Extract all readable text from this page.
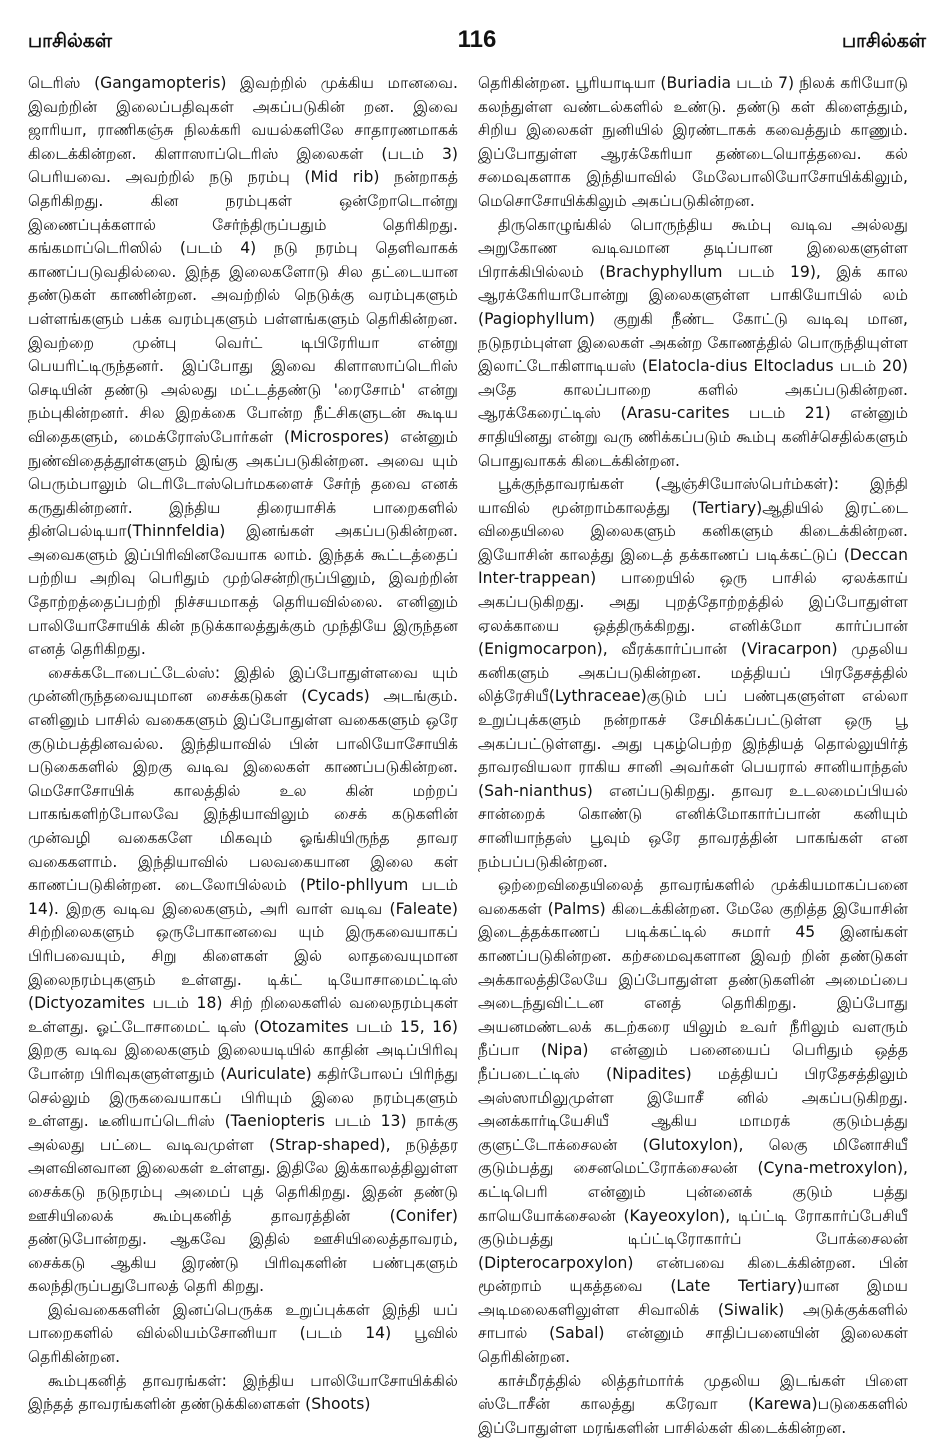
பாசில்கள்	116	பாசில்கள்

டெரிஸ் (Gangamopteris) இவற்றில் முக்கிய மானவை. இவற்றின் இலைப்பதிவுகள் அகப்படுகின் றன. இவை ஜாரியா, ராணிகஞ்சு நிலக்கரி வயல்களிலே சாதாரணமாகக் கிடைக்கின்றன. கிளாஸாப்டெரிஸ் இலைகள் (படம் 3) பெரியவை. அவற்றில் நடு நரம்பு (Mid rib) நன்றாகத் தெரிகிறது. கின நரம்புகள் ஒன்றோடொன்று இணைப்புக்களால் சேர்ந்திருப்பதும் தெரிகிறது. கங்கமாப்டெரிஸில் (படம் 4) நடு நரம்பு தெளிவாகக் காணப்படுவதில்லை. இந்த இலைகளோடு சில தட்டையான தண்டுகள் காணின்றன. அவற்றில் நெடுக்கு வரம்புகளும் பள்ளங்களும் பக்க வரம்புகளும் பள்ளங்களும் தெரிகின்றன. இவற்றை முன்பு வெர்ட் டிபிரேரியா என்று பெயரிட்டிருந்தனர். இப்போது இவை கிளாஸாப்டெரிஸ் செடியின் தண்டு அல்லது மட்டத்தண்டு 'ரைசோம்' என்று நம்புகின்றனர். சில இறக்கை போன்ற நீட்சிகளுடன் கூடிய விதைகளும், மைக்ரோஸ்போர்கள் (Microspores) என்னும் நுண்விதைத்தூள்களும் இங்கு அகப்படுகின்றன. அவை யும் பெரும்பாலும் டெரிடோஸ்பெர்மகளைச் சேர்ந் தவை எனக் கருதுகின்றனர். இந்திய திரையாசிக் பாறைகளில் தின்பெல்டியா(Thinnfeldia) இனங்கள் அகப்படுகின்றன. அவைகளும் இப்பிரிவினவேயாக லாம். இந்தக் கூட்டத்தைப் பற்றிய அறிவு பெரிதும் முற்சென்றிருப்பினும், இவற்றின் தோற்றத்தைப்பற்றி நிச்சயமாகத் தெரியவில்லை. எனினும் பாலியோசோயிக் கின் நடுக்காலத்துக்கும் முந்தியே இருந்தன எனத் தெரிகிறது.

சைக்கடோபைட்டேல்ஸ்: இதில் இப்போதுள்ளவை யும் முன்னிருந்தவையுமான சைக்கடுகள் (Cycads) அடங்கும். எனினும் பாசில் வகைகளும் இப்போதுள்ள வகைகளும் ஒரே குடும்பத்தினவல்ல. இந்தியாவில் பின் பாலியோசோயிக் படுகைகளில் இறகு வடிவ இலைகள் காணப்படுகின்றன. மெசோசோயிக் காலத்தில் உல கின் மற்றப் பாகங்களிற்போலவே இந்தியாவிலும் சைக் கடுகளின் முன்வழி வகைகளே மிகவும் ஓங்கியிருந்த தாவர வகைகளாம். இந்தியாவில் பலவகையான இலை கள் காணப்படுகின்றன. டைலோபில்லம் (Ptilo-phllyum படம் 14). இறகு வடிவ இலைகளும், அரி வாள் வடிவ (Faleate) சிற்றிலைகளும் ஒருபோகானவை யும் இருகவையாகப் பிரிபவையும், சிறு கிளைகள் இல் லாதவையுமான இலைநரம்புகளும் உள்ளது. டிக்ட் டியோசாமைட்டிஸ் (Dictyozamites படம் 18) சிற் றிலைகளில் வலைநரம்புகள் உள்ளது. ஓட்டோசாமைட் டிஸ் (Otozamites படம் 15, 16) இறகு வடிவ இலைகளும் இலையடியில் காதின் அடிப்பிரிவு போன்ற பிரிவுகளுள்ளதும் (Auriculate) கதிர்போலப் பிரிந்து செல்லும் இருகவையாகப் பிரியும் இலை நரம்புகளும் உள்ளது. டீனியாப்டெரிஸ் (Taeniopteris படம் 13) நாக்கு அல்லது பட்டை வடிவமுள்ள (Strap-shaped), நடுத்தர அளவினவான இலைகள் உள்ளது. இதிலே இக்காலத்திலுள்ள சைக்கடு நடுநரம்பு அமைப் புத் தெரிகிறது. இதன் தண்டு ஊசியிலைக் கூம்புகனித் தாவரத்தின் (Conifer) தண்டுபோன்றது. ஆகவே இதில் ஊசியிலைத்தாவரம், சைக்கடு ஆகிய இரண்டு பிரிவுகளின் பண்புகளும் கலந்திருப்பதுபோலத் தெரி கிறது.

இவ்வகைகளின் இனப்பெருக்க உறுப்புக்கள் இந்தி யப் பாறைகளில் வில்லியம்சோனியா (படம் 14) பூவில் தெரிகின்றன.

கூம்புகனித் தாவரங்கள்: இந்திய பாலியோசோயிக்கில் இந்தத் தாவரங்களின் தண்டுக்கிளைகள் (Shoots)

தெரிகின்றன. பூரியாடியா (Buriadia படம் 7) நிலக் கரியோடு கலந்துள்ள வண்டல்களில் உண்டு. தண்டு கள் கிளைத்தும், சிறிய இலைகள் நுனியில் இரண்டாகக் கவைத்தும் காணும். இப்போதுள்ள ஆரக்கேரியா தண்டையொத்தவை. கல் சமைவுகளாக இந்தியாவில் மேலேபாலியோசோயிக்கிலும், மெசொசோயிக்கிலும் அகப்படுகின்றன.

திருகொழுங்கில் பொருந்திய கூம்பு வடிவ அல்லது அறுகோண வடிவமான தடிப்பான இலைகளுள்ள பிராக்கிபில்லம் (Brachyphyllum படம் 19), இக் கால ஆரக்கேரியாபோன்று இலைகளுள்ள பாகியோபில் லம் (Pagiophyllum) குறுகி நீண்ட கோட்டு வடிவு மான, நடுநரம்புள்ள இலைகள் அகன்ற கோணத்தில் பொருந்தியுள்ள இலாட்டோகிளாடியஸ் (Elatocla-dius Eltocladus படம் 20) அதே காலப்பாறை களில் அகப்படுகின்றன. ஆரக்கேரைட்டிஸ் (Arasu-carites படம் 21) என்னும் சாதியினது என்று வரு ணிக்கப்படும் கூம்பு கனிச்செதில்களும் பொதுவாகக் கிடைக்கின்றன.

பூக்குந்தாவரங்கள் (ஆஞ்சியோஸ்பெர்ம்கள்): இந்தி யாவில் மூன்றாம்காலத்து (Tertiary)ஆதியில் இரட்டை விதையிலை இலைகளும் கனிகளும் கிடைக்கின்றன. இயோசின் காலத்து இடைத் தக்காணப் படிக்கட்டுப் (Deccan Inter-trappean) பாறையில் ஒரு பாசில் ஏலக்காய் அகப்படுகிறது. அது புறத்தோற்றத்தில் இப்போதுள்ள ஏலக்காயை ஒத்திருக்கிறது. எனிக்மோ கார்ப்பான் (Enigmocarpon), வீரக்கார்ப்பான் (Viracarpon) முதலிய கனிகளும் அகப்படுகின்றன. மத்தியப் பிரதேசத்தில் லித்ரேசியீ(Lythraceae)குடும் பப் பண்புகளுள்ள எல்லா உறுப்புக்களும் நன்றாகச் சேமிக்கப்பட்டுள்ள ஒரு பூ அகப்பட்டுள்ளது. அது புகழ்பெற்ற இந்தியத் தொல்லுயிர்த் தாவரவியலா ராகிய சானி அவர்கள் பெயரால் சானியாந்தஸ் (Sah-nianthus) எனப்படுகிறது. தாவர உடலமைப்பியல் சான்றைக் கொண்டு எனிக்மோகார்ப்பான் கனியும் சானியாந்தஸ் பூவும் ஒரே தாவரத்தின் பாகங்கள் என நம்பப்படுகின்றன.

ஒற்றைவிதையிலைத் தாவரங்களில் முக்கியமாகப்பனை வகைகள் (Palms) கிடைக்கின்றன. மேலே குறித்த இயோசின் இடைத்தக்காணப் படிக்கட்டில் சுமார் 45 இனங்கள் காணப்படுகின்றன. கற்சமைவுகளான இவற் றின் தண்டுகள் அக்காலத்திலேயே இப்போதுள்ள தண்டுகளின் அமைப்பை அடைந்துவிட்டன எனத் தெரிகிறது. இப்போது அயனமண்டலக் கடற்கரை யிலும் உவர் நீரிலும் வளரும் நீப்பா (Nipa) என்னும் பனையைப் பெரிதும் ஒத்த நீப்படைட்டிஸ் (Nipadites) மத்தியப் பிரதேசத்திலும் அஸ்ஸாமிலுமுள்ள இயோசீ னில் அகப்படுகிறது. அனக்கார்டியேசியீ ஆகிய மாமரக் குடும்பத்து குளுட்டோக்சைலன் (Glutoxylon), லெகு மினோசியீ குடும்பத்து சைனமெட்ரோக்சைலன் (Cyna-metroxylon), கட்டிபெரி என்னும் புன்னைக் குடும் பத்து காயெயோக்சைலன் (Kayeoxylon), டிப்ட்டி ரோகார்ப்பேசியீ குடும்பத்து டிப்ட்டிரோகார்ப் போக்சைலன் (Dipterocarpoxylon) என்பவை கிடைக்கின்றன. பின் மூன்றாம் யுகத்தவை (Late Tertiary)யான இமய அடிமலைகளிலுள்ள சிவாலிக் (Siwalik) அடுக்குக்களில் சாபால் (Sabal) என்னும் சாதிப்பனையின் இலைகள் தெரிகின்றன.

காச்மீரத்தில் லித்தர்மார்க் முதலிய இடங்கள் பிளை ஸ்டோசீன் காலத்து கரேவா (Karewa)படுகைகளில் இப்போதுள்ள மரங்களின் பாசில்கள் கிடைக்கின்றன.
